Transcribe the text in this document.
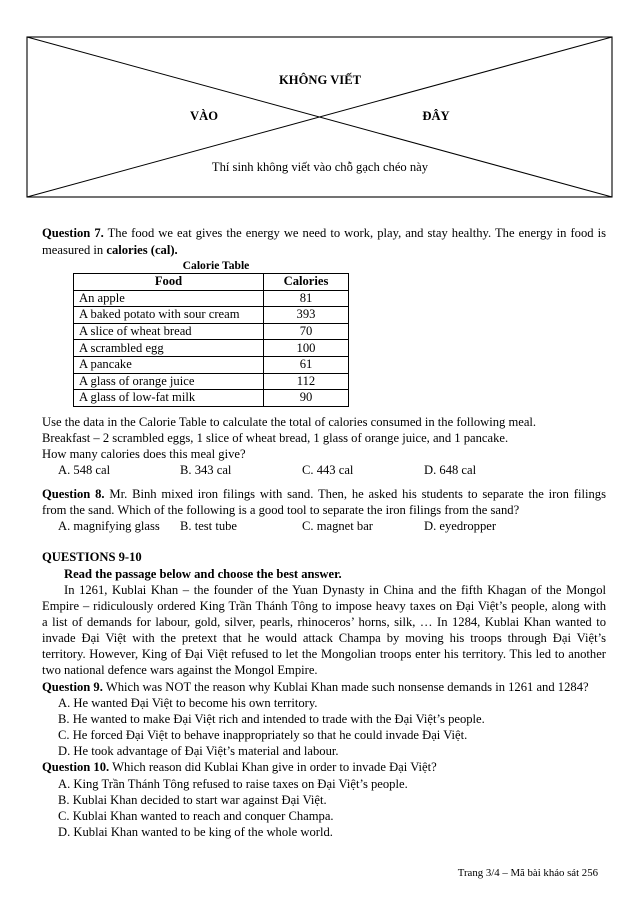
KHÔNG VIẾT
VÀO	ĐÂY
Thí sinh không viết vào chỗ gạch chéo này
Question 7. The food we eat gives the energy we need to work, play, and stay healthy. The energy in food is
measured in calories (cal).
Calorie Table
Food	Calories
An apple	81
A baked potato with sour cream	393
A slice of wheat bread	70
A scrambled egg	100
A pancake	61
A glass of orange juice	112
A glass of low-fat milk	90
Use the data in the Calorie Table to calculate the total of calories consumed in the following meal.
Breakfast – 2 scrambled eggs, 1 slice of wheat bread, 1 glass of orange juice, and 1 pancake.
How many calories does this meal give?
A. 548 cal	B. 343 cal	C. 443 cal	D. 648 cal
Question 8. Mr. Binh mixed iron filings with sand. Then, he asked his students to separate the iron filings
from the sand. Which of the following is a good tool to separate the iron filings from the sand?
A. magnifying glass B. test tube	C. magnet bar	D. eyedropper
QUESTIONS 9-10
Read the passage below and choose the best answer.
In 1261, Kublai Khan – the founder of the Yuan Dynasty in China and the fifth Khagan of the Mongol
Empire – ridiculously ordered King Trần Thánh Tông to impose heavy taxes on Đại Việt’s people, along with
a list of demands for labour, gold, silver, pearls, rhinoceros’ horns, silk, … In 1284, Kublai Khan wanted to
invade Đại Việt with the pretext that he would attack Champa by moving his troops through Đại Việt’s
territory. However, King of Đại Việt refused to let the Mongolian troops enter his territory. This led to another
two national defence wars against the Mongol Empire.
Question 9. Which was NOT the reason why Kublai Khan made such nonsense demands in 1261 and 1284?
A. He wanted Đại Việt to become his own territory.
B. He wanted to make Đại Việt rich and intended to trade with the Đại Việt’s people.
C. He forced Đại Việt to behave inappropriately so that he could invade Đại Việt.
D. He took advantage of Đại Việt’s material and labour.
Question 10. Which reason did Kublai Khan give in order to invade Đại Việt?
A. King Trần Thánh Tông refused to raise taxes on Đại Việt’s people.
B. Kublai Khan decided to start war against Đại Việt.
C. Kublai Khan wanted to reach and conquer Champa.
D. Kublai Khan wanted to be king of the whole world.
Trang 3/4 – Mã bài khảo sát 256
